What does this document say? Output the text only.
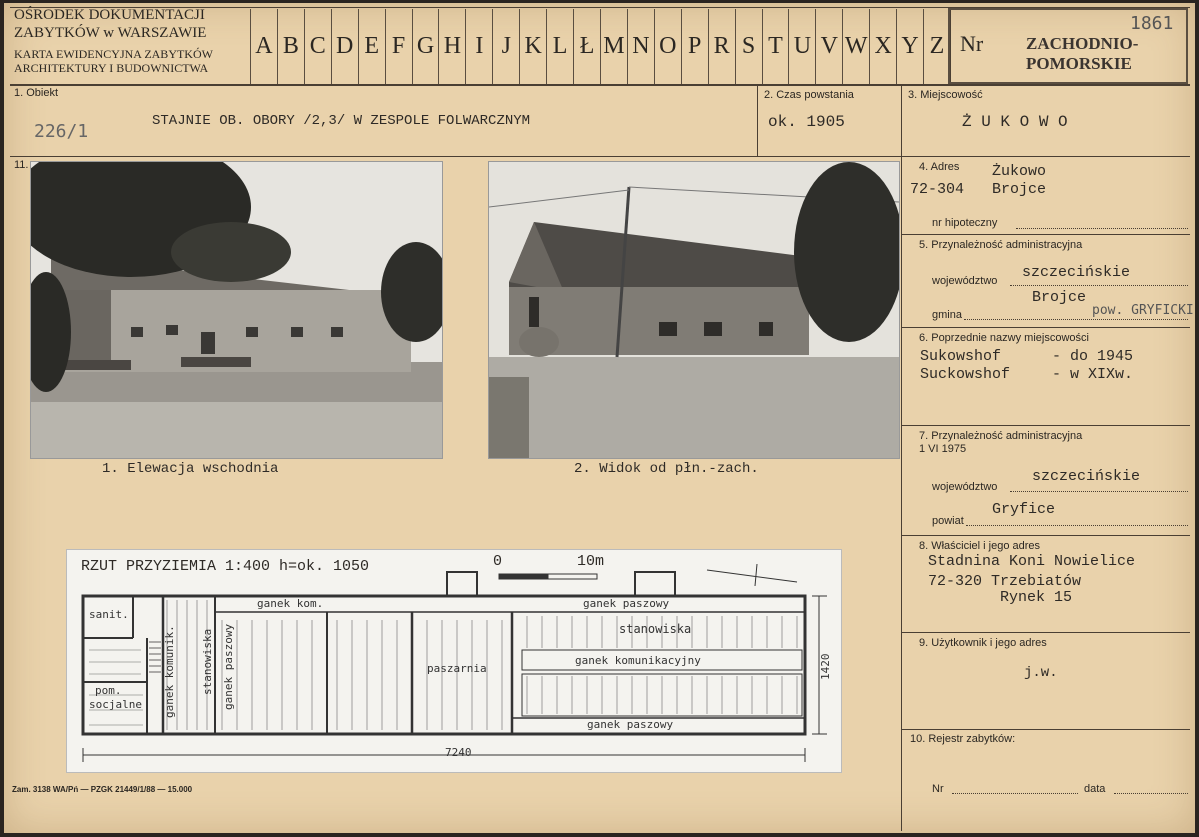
OŚRODEK DOKUMENTACJI
ZABYTKÓW w WARSZAWIE
KARTA EWIDENCYJNA ZABYTKÓW
ARCHITEKTURY I BUDOWNICTWA
A B C D E F G H I J K L Ł M N O P R S T U V W X Y Z Nr	ZACHODNIO-
POMORSKIE
1861
1. Obiekt
STAJNIE OB. OBORY /2,3/ W ZESPOLE FOLWARCZNYM
226/1
2. Czas powstania
ok. 1905
3. Miejscowość
Ż U K O W O
11.
1. Elewacja wschodnia	2. Widok od płn.-zach.
RZUT PRZYZIEMIA 1:400 h=ok. 1050	0	10m
sanit.
pom.
socjalne ganek komunik. stanowiska ganek paszowy
ganek kom.
paszarnia
ganek paszowy
stanowiska
ganek komunikacyjny
ganek paszowy
7240
1420
4. Adres Żukowo
72-304 Brojce
nr hipoteczny
5. Przynależność administracyjna
województwo szczecińskie
gmina
Brojce
pow. GRYFICKI
6. Poprzednie nazwy miejscowości
Sukowshof	- do 1945
Suckowshof	- w XIXw.
7. Przynależność administracyjna
1 VI 1975
województwo
szczecińskie
powiat
Gryfice
8. Właściciel i jego adres
Stadnina Koni Nowielice
72-320 Trzebiatów
Rynek 15
9. Użytkownik i jego adres
j.w.
10. Rejestr zabytków:
Nr	data
Zam. 3138 WA/Pń — PZGK 21449/1/88 — 15.000
